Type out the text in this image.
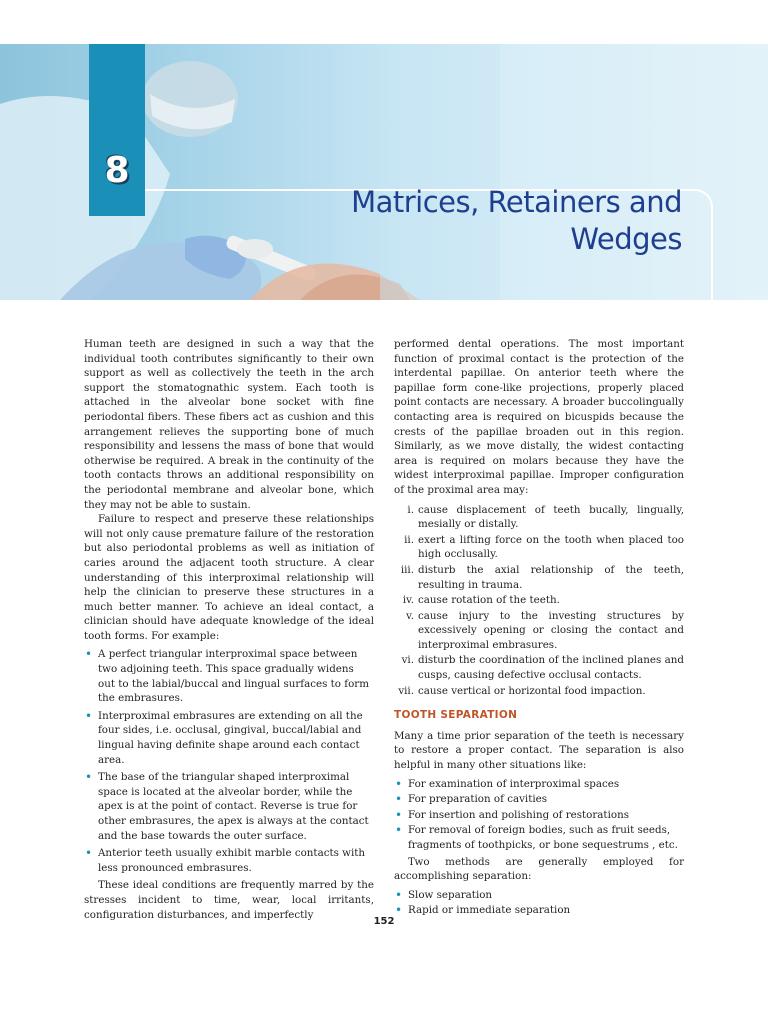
8
Matrices, Retainers and
Wedges

Human teeth are designed in such a way that the individual tooth contributes significantly to their own support as well as collectively the teeth in the arch support the stomatognathic system. Each tooth is attached in the alveolar bone socket with fine periodontal fibers. These fibers act as cushion and this arrangement relieves the supporting bone of much responsibility and lessens the mass of bone that would otherwise be required. A break in the continuity of the tooth contacts throws an additional responsibility on the periodontal membrane and alveolar bone, which they may not be able to sustain.

Failure to respect and preserve these relationships will not only cause premature failure of the restoration but also periodontal problems as well as initiation of caries around the adjacent tooth structure. A clear understanding of this interproximal relationship will help the clinician to preserve these structures in a much better manner. To achieve an ideal contact, a clinician should have adequate knowledge of the ideal tooth forms. For example:

• A perfect triangular interproximal space between two adjoining teeth. This space gradually widens out to the labial/buccal and lingual surfaces to form the embrasures.
• Interproximal embrasures are extending on all the four sides, i.e. occlusal, gingival, buccal/labial and lingual having definite shape around each contact area.
• The base of the triangular shaped interproximal space is located at the alveolar border, while the apex is at the point of contact. Reverse is true for other embrasures, the apex is always at the contact and the base towards the outer surface.
• Anterior teeth usually exhibit marble contacts with less pronounced embrasures.

These ideal conditions are frequently marred by the stresses incident to time, wear, local irritants, configuration disturbances, and imperfectly

performed dental operations. The most important function of proximal contact is the protection of the interdental papillae. On anterior teeth where the papillae form cone-like projections, properly placed point contacts are necessary. A broader buccolingually contacting area is required on bicuspids because the crests of the papillae broaden out in this region. Similarly, as we move distally, the widest contacting area is required on molars because they have the widest interproximal papillae. Improper configuration of the proximal area may:

i. cause displacement of teeth bucally, lingually, mesially or distally.
ii. exert a lifting force on the tooth when placed too high occlusally.
iii. disturb the axial relationship of the teeth, resulting in trauma.
iv. cause rotation of the teeth.
v. cause injury to the investing structures by excessively opening or closing the contact and interproximal embrasures.
vi. disturb the coordination of the inclined planes and cusps, causing defective occlusal contacts.
vii. cause vertical or horizontal food impaction.
TOOTH SEPARATION

Many a time prior separation of the teeth is necessary to restore a proper contact. The separation is also helpful in many other situations like:

• For examination of interproximal spaces
• For preparation of cavities
• For insertion and polishing of restorations
• For removal of foreign bodies, such as fruit seeds, fragments of toothpicks, or bone sequestrums , etc.

Two methods are generally employed for accomplishing separation:

• Slow separation
• Rapid or immediate separation
152
